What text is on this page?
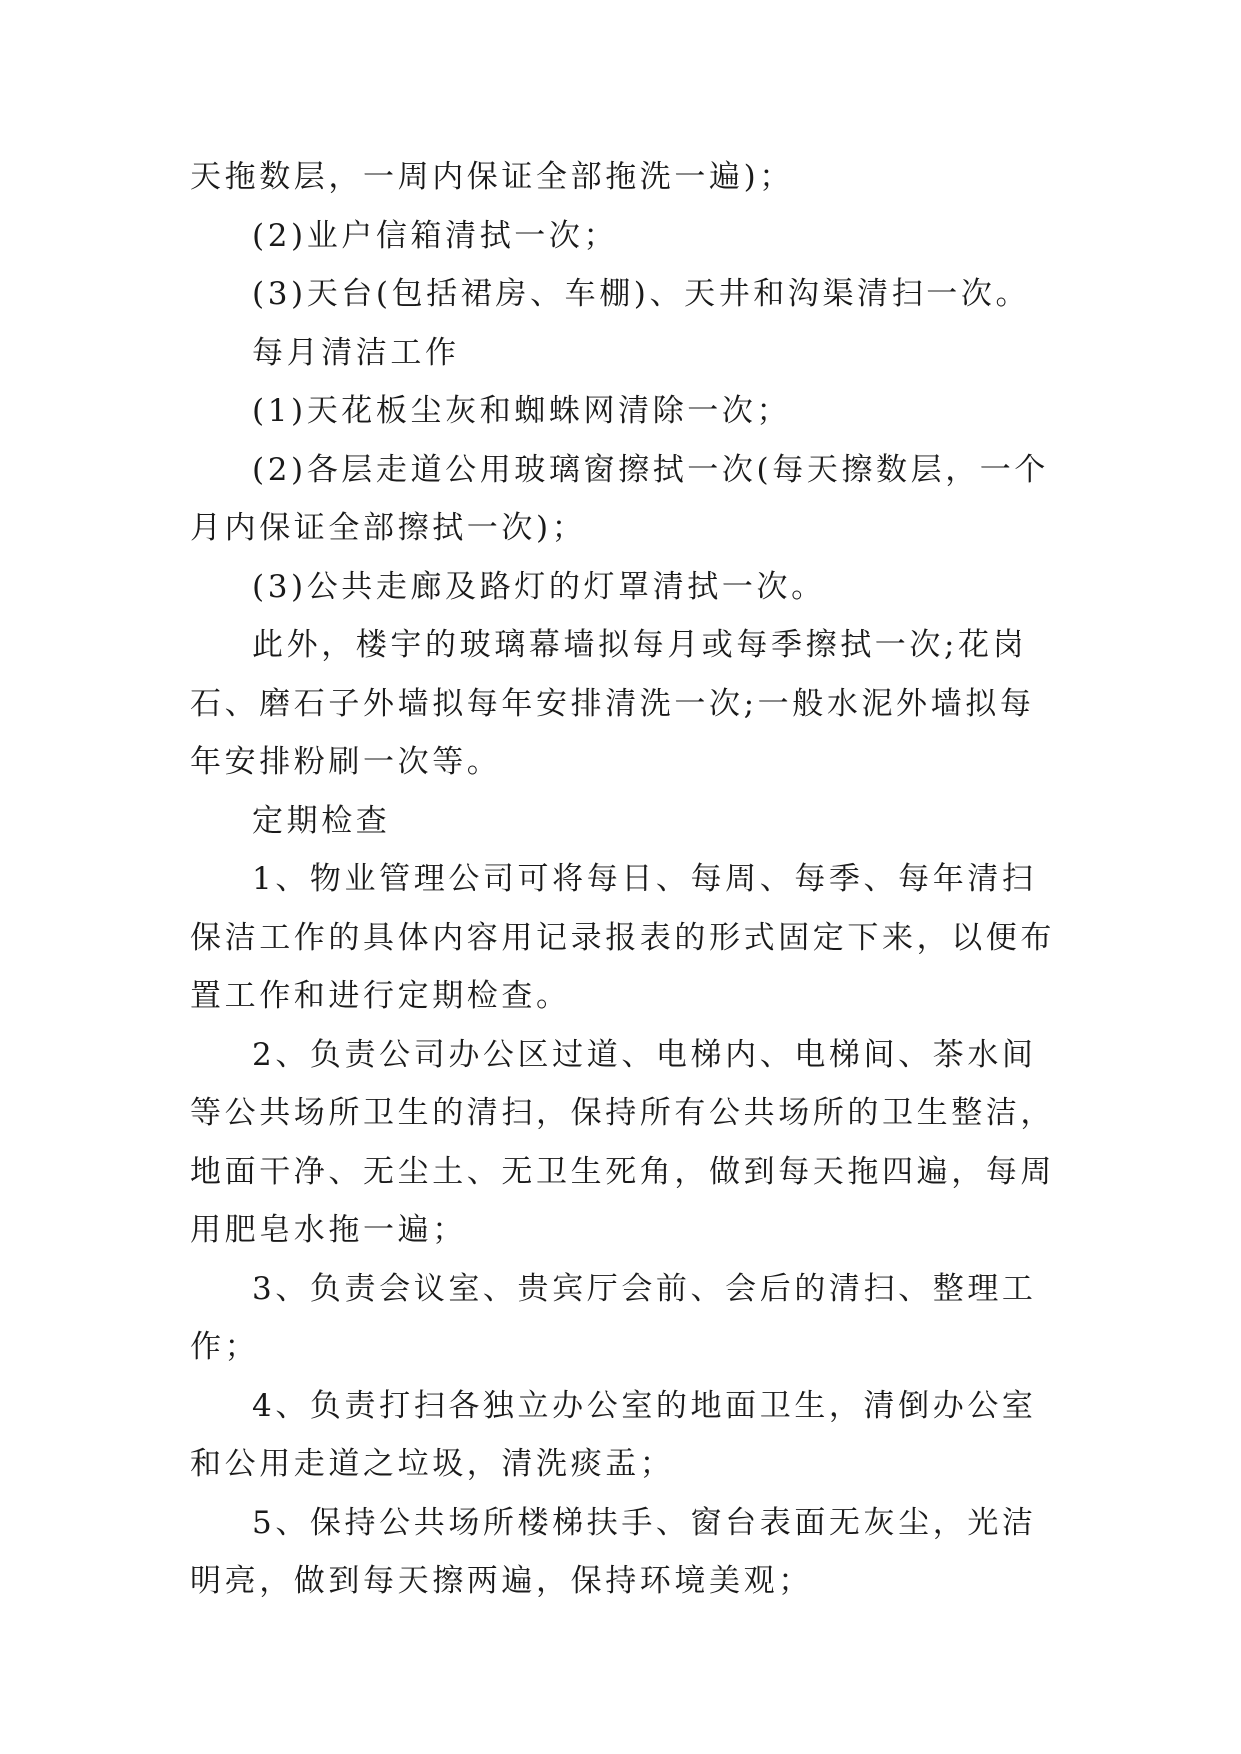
天拖数层，一周内保证全部拖洗一遍)；

(2)业户信箱清拭一次；

(3)天台(包括裙房、车棚)、天井和沟渠清扫一次。

每月清洁工作

(1)天花板尘灰和蜘蛛网清除一次；

(2)各层走道公用玻璃窗擦拭一次(每天擦数层，一个月内保证全部擦拭一次)；

(3)公共走廊及路灯的灯罩清拭一次。

此外，楼宇的玻璃幕墙拟每月或每季擦拭一次;花岗石、磨石子外墙拟每年安排清洗一次;一般水泥外墙拟每年安排粉刷一次等。

定期检查

1、物业管理公司可将每日、每周、每季、每年清扫保洁工作的具体内容用记录报表的形式固定下来，以便布置工作和进行定期检查。

2、负责公司办公区过道、电梯内、电梯间、茶水间等公共场所卫生的清扫，保持所有公共场所的卫生整洁，地面干净、无尘土、无卫生死角，做到每天拖四遍，每周用肥皂水拖一遍；

3、负责会议室、贵宾厅会前、会后的清扫、整理工作；

4、负责打扫各独立办公室的地面卫生，清倒办公室和公用走道之垃圾，清洗痰盂；

5、保持公共场所楼梯扶手、窗台表面无灰尘，光洁明亮，做到每天擦两遍，保持环境美观；
